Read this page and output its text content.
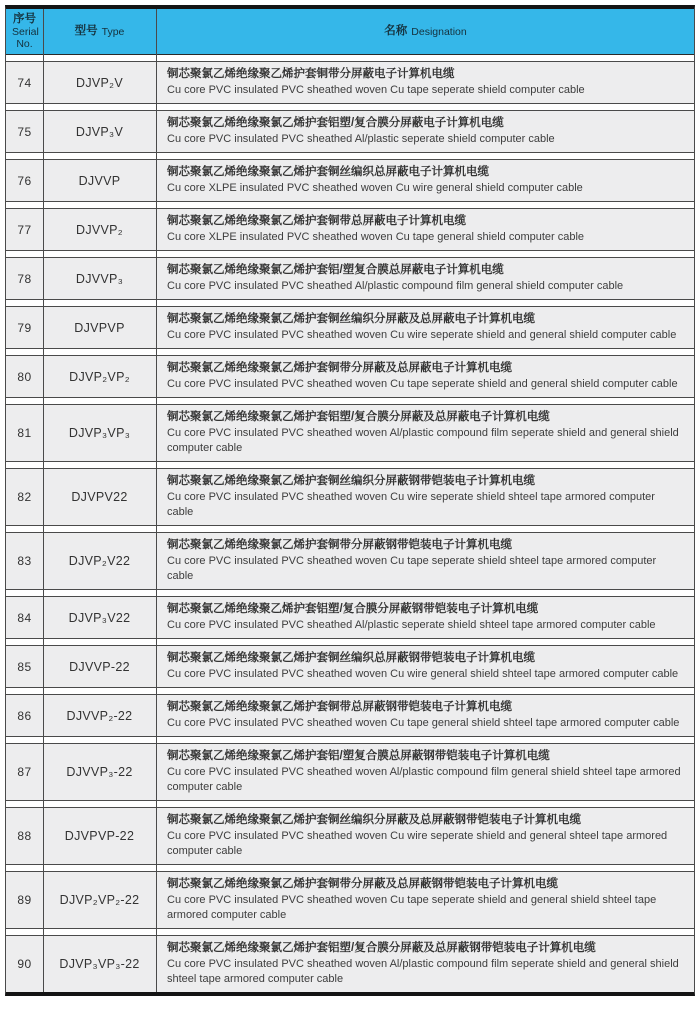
序号
Serial
No.
型号 Type	名称 Designation
74	DJVP₂V
铜芯聚氯乙烯绝缘聚乙烯护套铜带分屏蔽电子计算机电缆
Cu core PVC insulated PVC sheathed woven Cu tape seperate shield computer cable
75	DJVP₃V
铜芯聚氯乙烯绝缘聚氯乙烯护套铝塑/复合膜分屏蔽电子计算机电缆
Cu core PVC insulated PVC sheathed Al/plastic seperate shield computer cable
76	DJVVP
铜芯聚氯乙烯绝缘聚氯乙烯护套铜丝编织总屏蔽电子计算机电缆
Cu core XLPE insulated PVC sheathed woven Cu wire general shield computer cable
77	DJVVP₂
铜芯聚氯乙烯绝缘聚氯乙烯护套铜带总屏蔽电子计算机电缆
Cu core XLPE insulated PVC sheathed woven Cu tape general shield computer cable
78	DJVVP₃
铜芯聚氯乙烯绝缘聚氯乙烯护套铝/塑复合膜总屏蔽电子计算机电缆
Cu core PVC insulated PVC sheathed Al/plastic compound film general shield computer cable
79	DJVPVP
铜芯聚氯乙烯绝缘聚氯乙烯护套铜丝编织分屏蔽及总屏蔽电子计算机电缆
Cu core PVC insulated PVC sheathed woven Cu wire seperate shield and general shield computer cable
80	DJVP₂VP₂
铜芯聚氯乙烯绝缘聚氯乙烯护套铜带分屏蔽及总屏蔽电子计算机电缆
Cu core PVC insulated PVC sheathed woven Cu tape seperate shield and general shield computer cable
81	DJVP₃VP₃
铜芯聚氯乙烯绝缘聚氯乙烯护套铝塑/复合膜分屏蔽及总屏蔽电子计算机电缆
Cu core PVC insulated PVC sheathed woven Al/plastic compound film seperate shield and general shield computer cable
82	DJVPV22
铜芯聚氯乙烯绝缘聚氯乙烯护套铜丝编织分屏蔽钢带铠装电子计算机电缆
Cu core PVC insulated PVC sheathed woven Cu wire seperate shield shteel tape armored computer cable
83	DJVP₂V22
铜芯聚氯乙烯绝缘聚氯乙烯护套铜带分屏蔽钢带铠装电子计算机电缆
Cu core PVC insulated PVC sheathed woven Cu tape seperate shield shteel tape armored computer cable
84	DJVP₃V22
铜芯聚氯乙烯绝缘聚乙烯护套铝塑/复合膜分屏蔽钢带铠装电子计算机电缆
Cu core PVC insulated PVC sheathed Al/plastic seperate shield shteel tape armored computer cable
85	DJVVP-22
铜芯聚氯乙烯绝缘聚氯乙烯护套铜丝编织总屏蔽钢带铠装电子计算机电缆
Cu core PVC insulated PVC sheathed woven Cu wire general shield shteel tape armored computer cable
86	DJVVP₂-22
铜芯聚氯乙烯绝缘聚氯乙烯护套铜带总屏蔽钢带铠装电子计算机电缆
Cu core PVC insulated PVC sheathed woven Cu tape general shield shteel tape armored computer cable
87	DJVVP₃-22
铜芯聚氯乙烯绝缘聚氯乙烯护套铝/塑复合膜总屏蔽钢带铠装电子计算机电缆
Cu core PVC insulated PVC sheathed woven Al/plastic compound film general shield shteel tape armored computer cable
88	DJVPVP-22
铜芯聚氯乙烯绝缘聚氯乙烯护套铜丝编织分屏蔽及总屏蔽钢带铠装电子计算机电缆
Cu core PVC insulated PVC sheathed woven Cu wire seperate shield and general shteel tape armored computer cable
89	DJVP₂VP₂-22
铜芯聚氯乙烯绝缘聚氯乙烯护套铜带分屏蔽及总屏蔽钢带铠装电子计算机电缆
Cu core PVC insulated PVC sheathed woven Cu tape seperate shield and general shield shteel tape armored computer cable
90	DJVP₃VP₃-22
铜芯聚氯乙烯绝缘聚氯乙烯护套铝塑/复合膜分屏蔽及总屏蔽钢带铠装电子计算机电缆
Cu core PVC insulated PVC sheathed woven Al/plastic compound film seperate shield and general shield shteel tape armored computer cable
